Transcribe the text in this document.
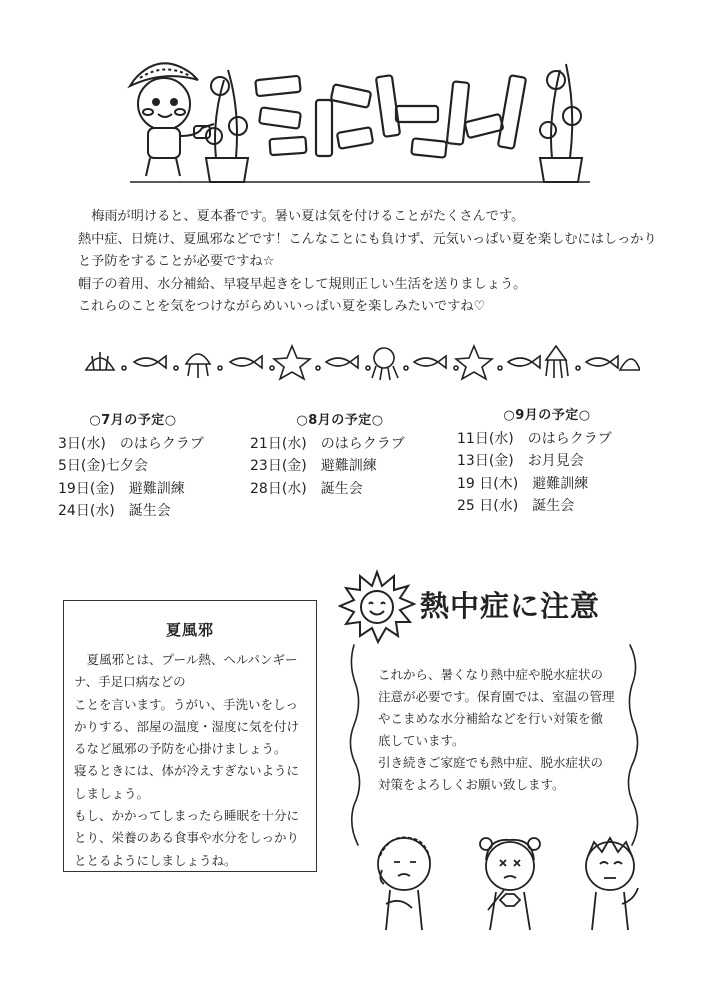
梅雨が明けると、夏本番です。暑い夏は気を付けることがたくさんです。

熱中症、日焼け、夏風邪などです！こんなことにも負けず、元気いっぱい夏を楽しむにはしっかり

と予防をすることが必要ですね☆

帽子の着用、水分補給、早寝早起きをして規則正しい生活を送りましょう。

これらのことを気をつけながらめいいっぱい夏を楽しみたいですね♡

○7月の予定○
3日(水)　のはらクラブ
5日(金)七夕会
19日(金)　避難訓練
24日(水)　誕生会
○8月の予定○
21日(水)　のはらクラブ
23日(金)　避難訓練
28日(水)　誕生会
○9月の予定○
11日(水)　のはらクラブ
13日(金)　お月見会
19 日(木)　避難訓練
25 日(水)　誕生会
夏風邪

　夏風邪とは、プール熱、ヘルパンギー

ナ、手足口病などの

ことを言います。うがい、手洗いをしっ

かりする、部屋の温度・湿度に気を付け

るなど風邪の予防を心掛けましょう。

寝るときには、体が冷えすぎないように

しましょう。

もし、かかってしまったら睡眠を十分に

とり、栄養のある食事や水分をしっかり

ととるようにしましょうね。

熱中症に注意

これから、暑くなり熱中症や脱水症状の

注意が必要です。保育園では、室温の管理

やこまめな水分補給などを行い対策を徹

底しています。

引き続きご家庭でも熱中症、脱水症状の

対策をよろしくお願い致します。
